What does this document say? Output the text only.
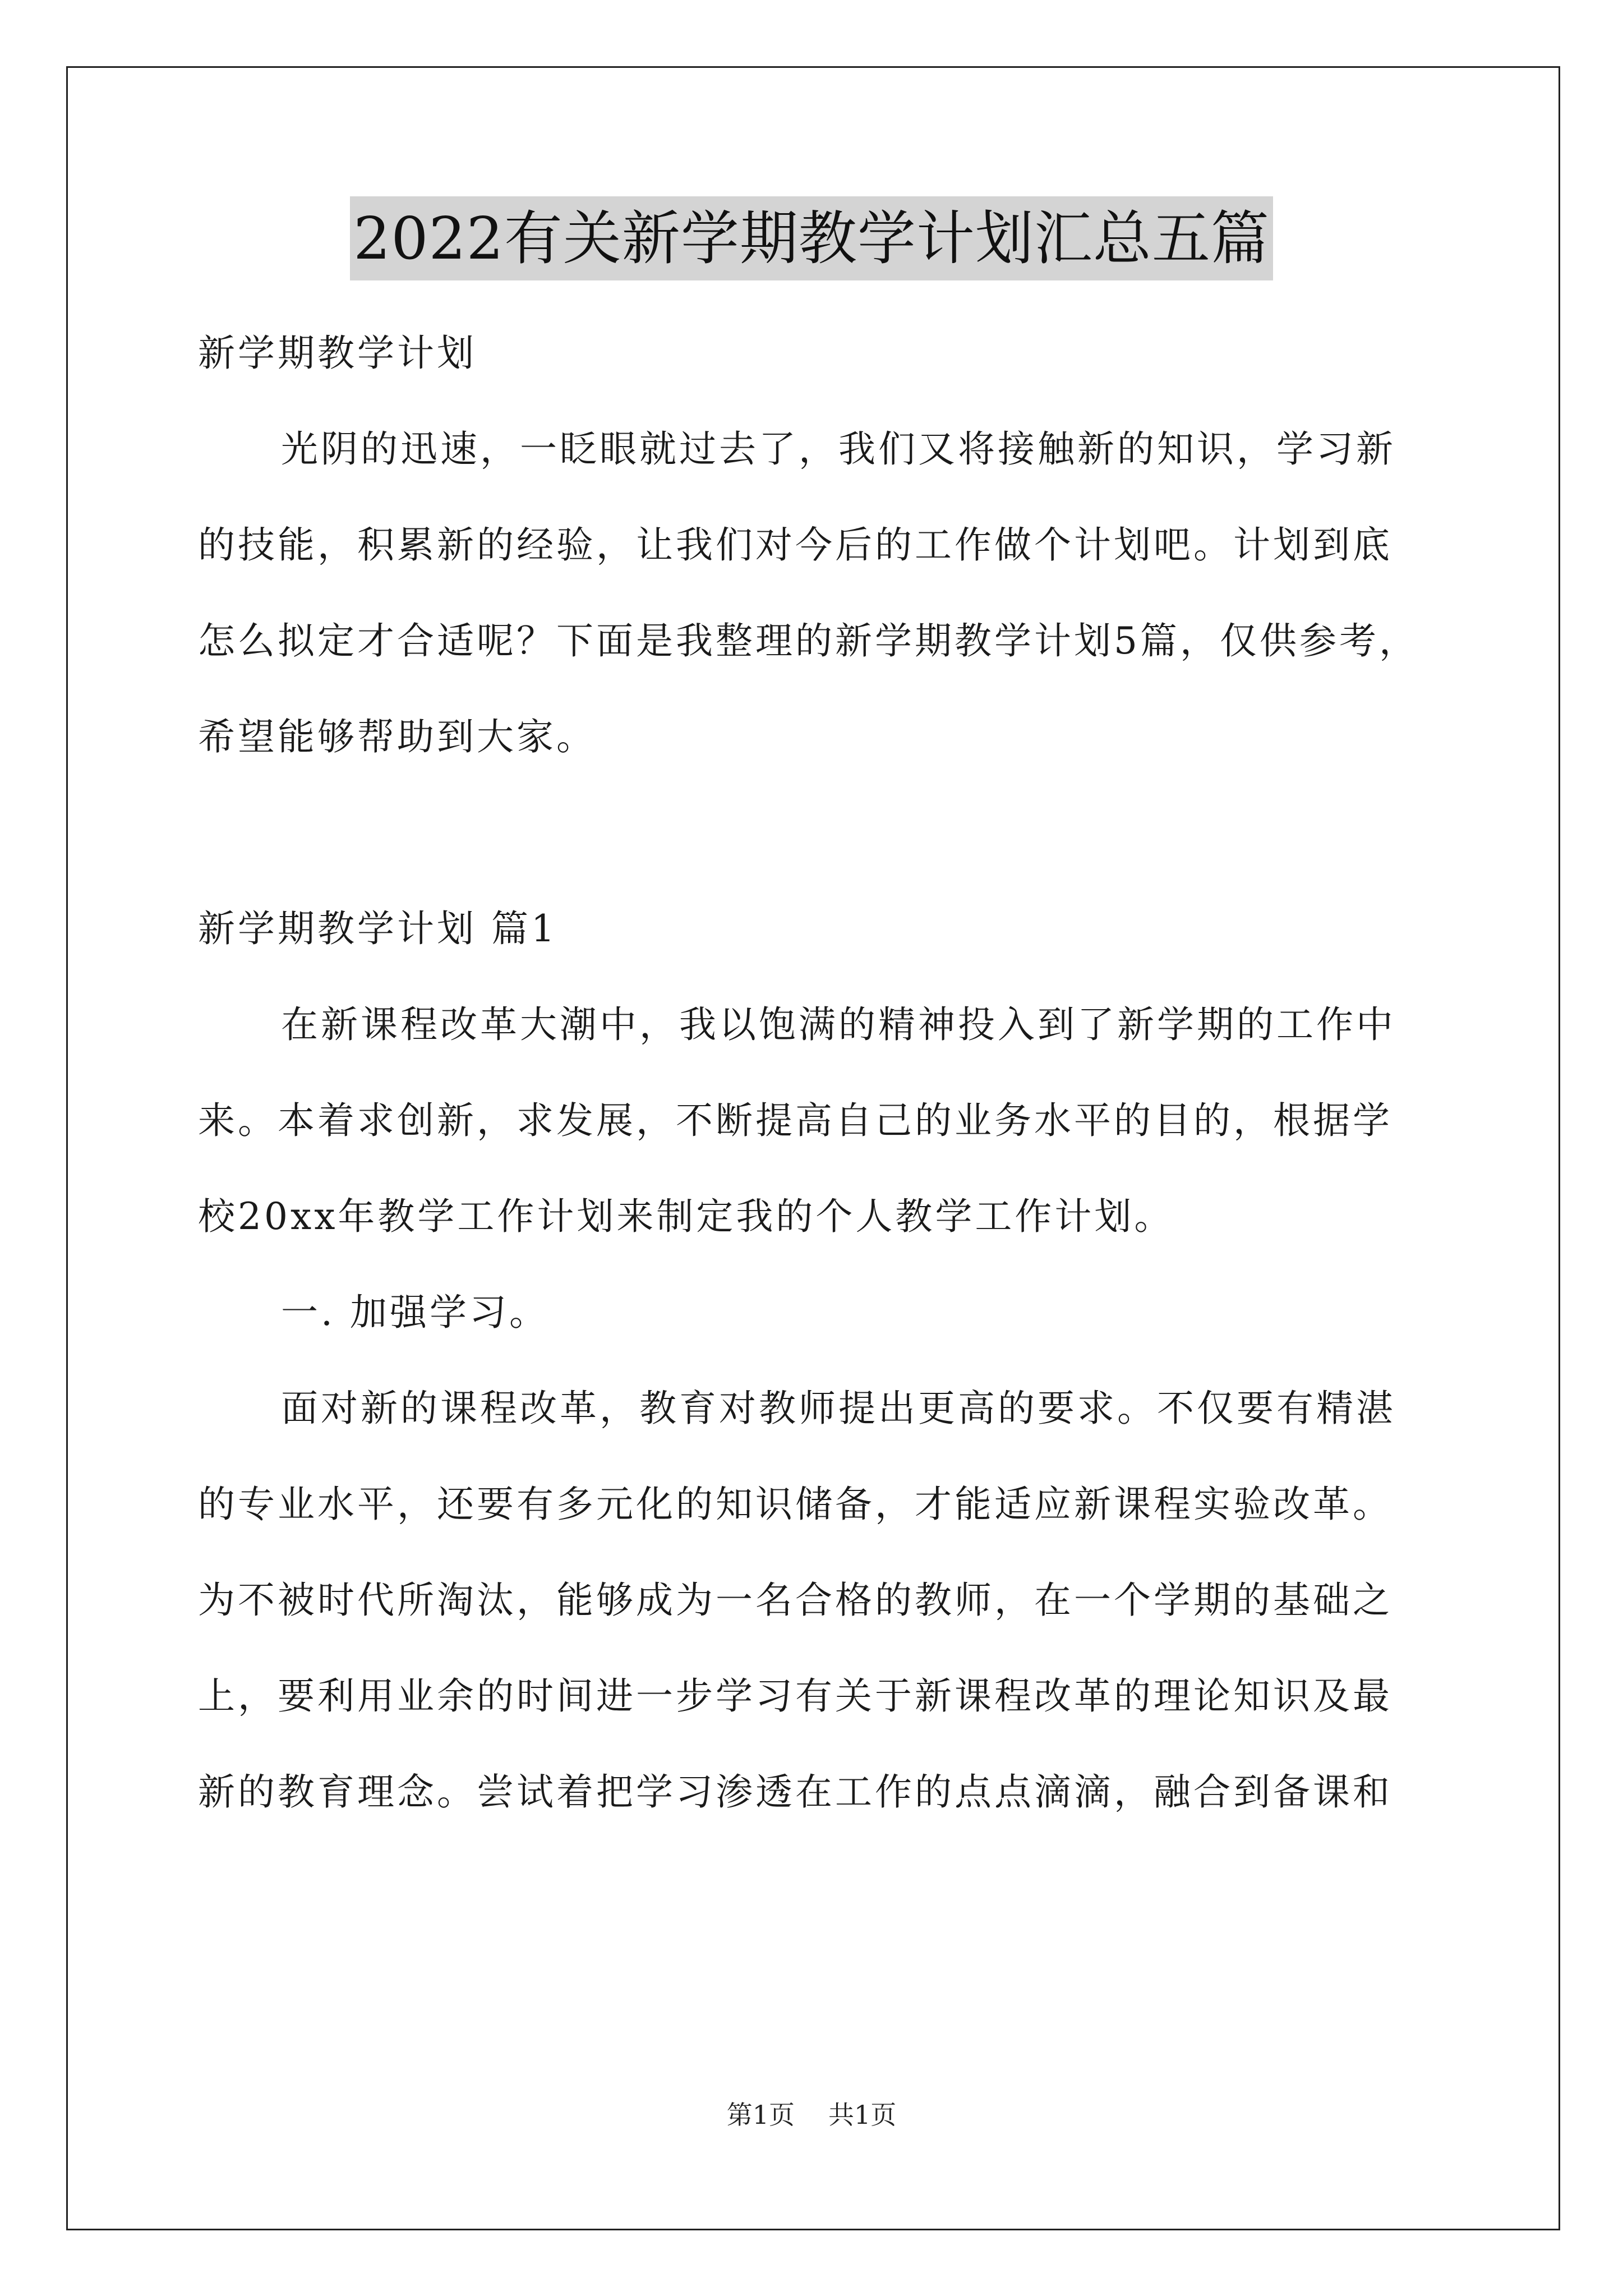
2022有关新学期教学计划汇总五篇
新学期教学计划
光阴的迅速，一眨眼就过去了，我们又将接触新的知识，学习新
的技能，积累新的经验，让我们对今后的工作做个计划吧。计划到底
怎么拟定才合适呢？下面是我整理的新学期教学计划5篇，仅供参考，
希望能够帮助到大家。
新学期教学计划 篇1
在新课程改革大潮中，我以饱满的精神投入到了新学期的工作中
来。本着求创新，求发展，不断提高自己的业务水平的目的，根据学
校20xx年教学工作计划来制定我的个人教学工作计划。
一. 加强学习。
面对新的课程改革，教育对教师提出更高的要求。不仅要有精湛
的专业水平，还要有多元化的知识储备，才能适应新课程实验改革。
为不被时代所淘汰，能够成为一名合格的教师，在一个学期的基础之
上，要利用业余的时间进一步学习有关于新课程改革的理论知识及最
新的教育理念。尝试着把学习渗透在工作的点点滴滴，融合到备课和
第1页 共1页
